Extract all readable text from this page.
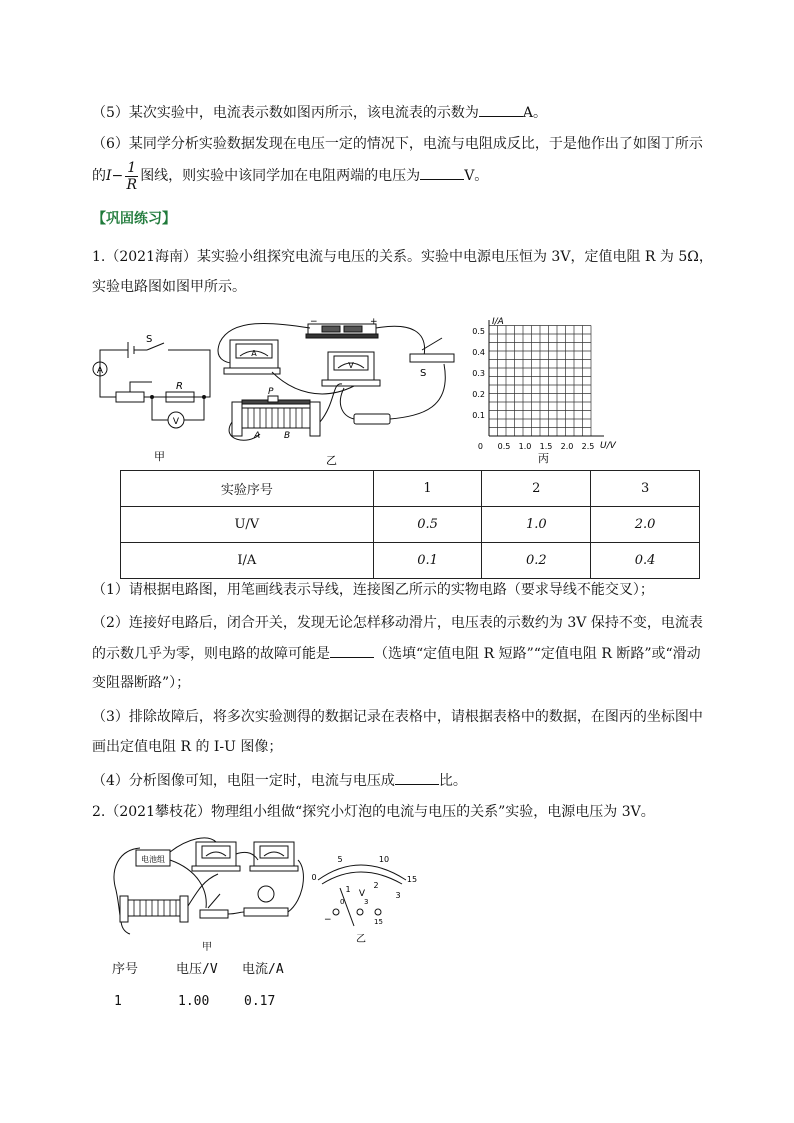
（5）某次实验中，电流表示数如图丙所示，该电流表的示数为	A。
（6）某同学分析实验数据发现在电压一定的情况下，电流与电阻成反比，于是他作出了如图丁所示
的$I- \frac{1}{R}$ 图线，则实验中该同学加在电阻两端的电压为	V。
【巩固练习】
1.（2021海南）某实验小组探究电流与电压的关系。实验中电源电压恒为 3V，定值电阻 R 为 5Ω，
实验电路图如图甲所示。
A
S
R
V
甲
−	+
A
V
P
A	B
S
乙
I/A
U/V
0.1
0.2
0.3
0.4
0.5
0 0.5 1.0 1.5 2.0 2.5
丙
实验序号	1	2	3
U/V	0.5	1.0	2.0
I/A	0.1	0.2	0.4
（1）请根据电路图，用笔画线表示导线，连接图乙所示的实物电路（要求导线不能交叉）；
（2）连接好电路后，闭合开关，发现无论怎样移动滑片，电压表的示数约为 3V 保持不变，电流表
的示数几乎为零，则电路的故障可能是	（选填“定值电阻 R 短路”“定值电阻 R 断路”或“滑动
变阻器断路”）；
（3）排除故障后，将多次实验测得的数据记录在表格中，请根据表格中的数据，在图丙的坐标图中
画出定值电阻 R 的 I-U 图像；
（4）分析图像可知，电阻一定时，电流与电压成	比。
2.（2021攀枝花）物理组小组做“探究小灯泡的电流与电压的关系”实验，电源电压为 3V。
电池组
甲
0
5	10
15
1	2
3
V
−
0	3
15
乙
序号	电压/V 电流/A
1	1.00	0.17
